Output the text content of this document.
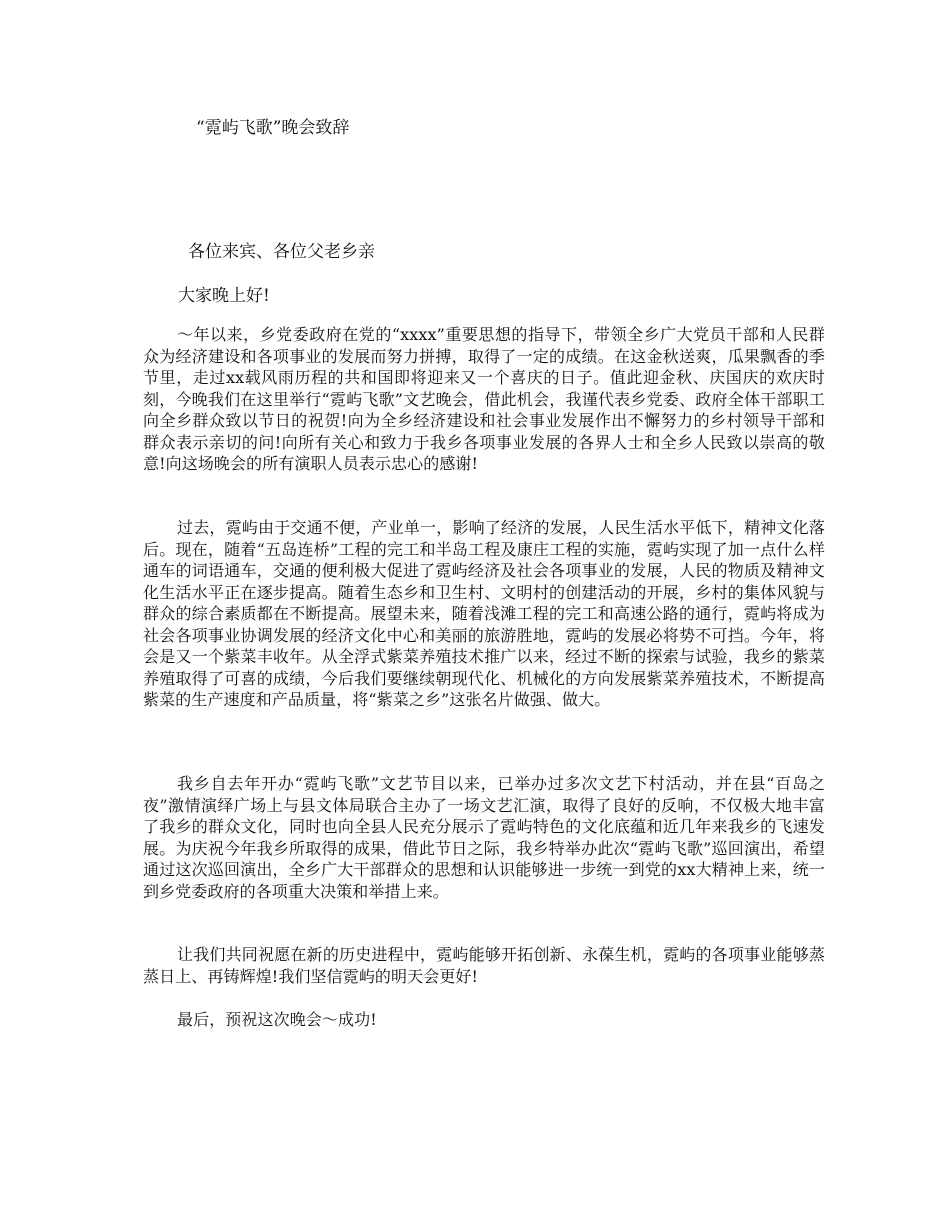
“霓屿飞歌”晚会致辞
各位来宾、各位父老乡亲
大家晚上好!

～年以来，乡党委政府在党的“xxxx”重要思想的指导下，带领全乡广大党员干部和人民群众为经济建设和各项事业的发展而努力拼搏，取得了一定的成绩。在这金秋送爽，瓜果飘香的季节里，走过xx载风雨历程的共和国即将迎来又一个喜庆的日子。值此迎金秋、庆国庆的欢庆时刻，今晚我们在这里举行“霓屿飞歌”文艺晚会，借此机会，我谨代表乡党委、政府全体干部职工向全乡群众致以节日的祝贺!向为全乡经济建设和社会事业发展作出不懈努力的乡村领导干部和群众表示亲切的问!向所有关心和致力于我乡各项事业发展的各界人士和全乡人民致以崇高的敬意!向这场晚会的所有演职人员表示忠心的感谢!

过去，霓屿由于交通不便，产业单一，影响了经济的发展，人民生活水平低下，精神文化落后。现在，随着“五岛连桥”工程的完工和半岛工程及康庄工程的实施，霓屿实现了加一点什么样通车的词语通车，交通的便利极大促进了霓屿经济及社会各项事业的发展，人民的物质及精神文化生活水平正在逐步提高。随着生态乡和卫生村、文明村的创建活动的开展，乡村的集体风貌与群众的综合素质都在不断提高。展望未来，随着浅滩工程的完工和高速公路的通行，霓屿将成为社会各项事业协调发展的经济文化中心和美丽的旅游胜地，霓屿的发展必将势不可挡。今年，将会是又一个紫菜丰收年。从全浮式紫菜养殖技术推广以来，经过不断的探索与试验，我乡的紫菜养殖取得了可喜的成绩，今后我们要继续朝现代化、机械化的方向发展紫菜养殖技术，不断提高紫菜的生产速度和产品质量，将“紫菜之乡”这张名片做强、做大。

我乡自去年开办“霓屿飞歌”文艺节目以来，已举办过多次文艺下村活动，并在县“百岛之夜”激情演绎广场上与县文体局联合主办了一场文艺汇演，取得了良好的反响，不仅极大地丰富了我乡的群众文化，同时也向全县人民充分展示了霓屿特色的文化底蕴和近几年来我乡的飞速发展。为庆祝今年我乡所取得的成果，借此节日之际，我乡特举办此次“霓屿飞歌”巡回演出，希望通过这次巡回演出，全乡广大干部群众的思想和认识能够进一步统一到党的xx大精神上来，统一到乡党委政府的各项重大决策和举措上来。

让我们共同祝愿在新的历史进程中，霓屿能够开拓创新、永葆生机，霓屿的各项事业能够蒸蒸日上、再铸辉煌!我们坚信霓屿的明天会更好!

最后，预祝这次晚会～成功!
